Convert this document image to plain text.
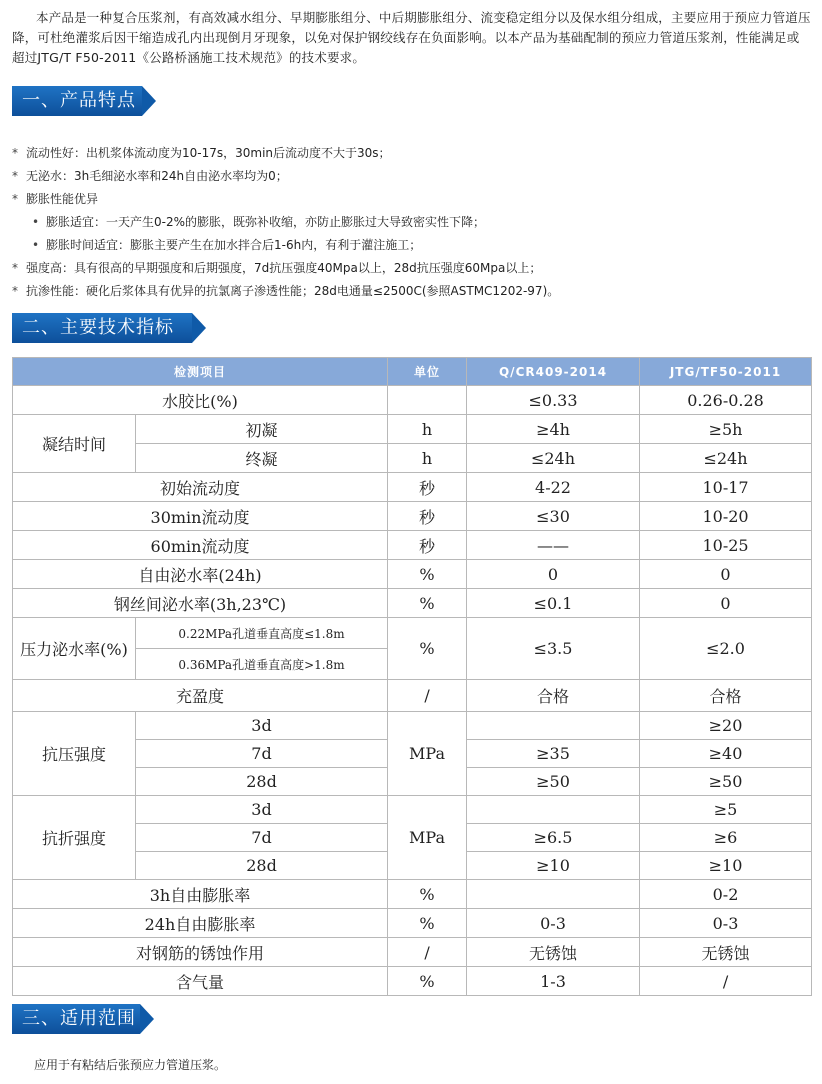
本产品是一种复合压浆剂，有高效减水组分、早期膨胀组分、中后期膨胀组分、流变稳定组分以及保水组分组成，主要应用于预应力管道压降，可杜绝灌浆后因干缩造成孔内出现倒月牙现象，以免对保护钢绞线存在负面影响。以本产品为基础配制的预应力管道压浆剂，性能满足或超过JTG/T F50-2011《公路桥涵施工技术规范》的技术要求。

一、产品特点
* 流动性好：出机浆体流动度为10-17s，30min后流动度不大于30s；
* 无泌水：3h毛细泌水率和24h自由泌水率均为0；
* 膨胀性能优异
• 膨胀适宜：一天产生0-2%的膨胀，既弥补收缩，亦防止膨胀过大导致密实性下降；
• 膨胀时间适宜：膨胀主要产生在加水拌合后1-6h内，有利于灌注施工；
* 强度高：具有很高的早期强度和后期强度，7d抗压强度40Mpa以上，28d抗压强度60Mpa以上；
* 抗渗性能：硬化后浆体具有优异的抗氯离子渗透性能；28d电通量≤2500C(参照ASTMC1202-97)。
二、主要技术指标
检测项目		单位	Q/CR409-2014	JTG/TF50-2011
水胶比(%)			≤0.33	0.26-0.28
凝结时间	初凝	h	≥4h	≥5h
	终凝	h	≤24h	≤24h
初始流动度		秒	4-22	10-17
30min流动度		秒	≤30	10-20
60min流动度		秒	——	10-25
自由泌水率(24h)		%	0	0
钢丝间泌水率(3h,23℃)		%	≤0.1	0
压力泌水率(%)	0.22MPa孔道垂直高度≤1.8m	%	≤3.5	≤2.0
	0.36MPa孔道垂直高度>1.8m			
充盈度		/	合格	合格
抗压强度	3d	MPa		≥20
	7d		≥35	≥40
	28d		≥50	≥50
抗折强度	3d	MPa		≥5
	7d		≥6.5	≥6
	28d		≥10	≥10
3h自由膨胀率		%		0-2
24h自由膨胀率		%	0-3	0-3
对钢筋的锈蚀作用		/	无锈蚀	无锈蚀
含气量		%	1-3	/
三、适用范围

应用于有粘结后张预应力管道压浆。
